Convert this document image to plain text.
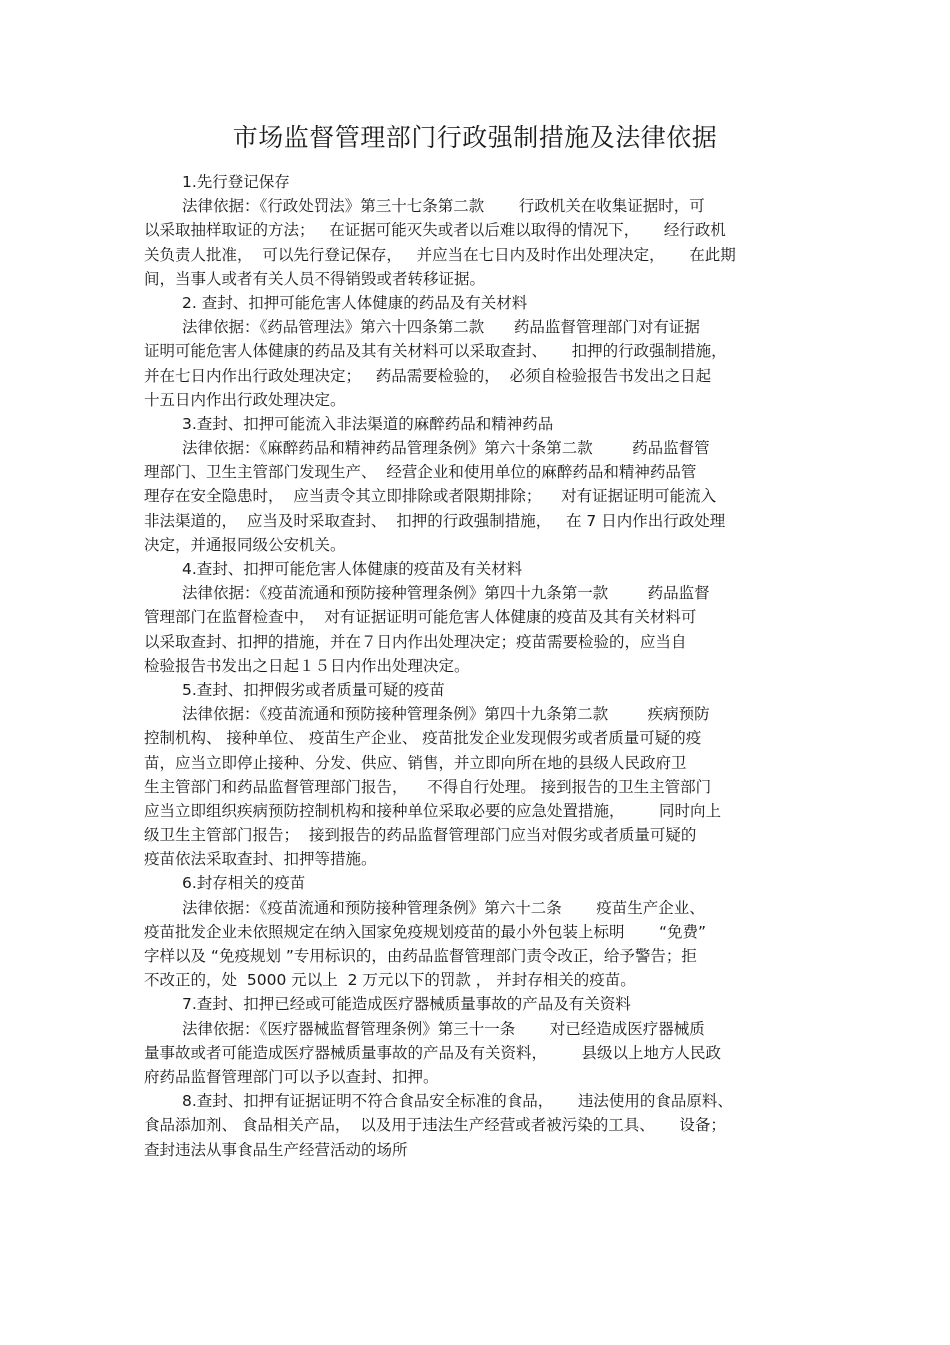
市场监督管理部门行政强制措施及法律依据
1.先行登记保存
法律依据：《行政处罚法》第三十七条第二款       行政机关在收集证据时，可
以采取抽样取证的方法；   在证据可能灭失或者以后难以取得的情况下，     经行政机
关负责人批准，  可以先行登记保存，   并应当在七日内及时作出处理决定，     在此期
间，当事人或者有关人员不得销毁或者转移证据。
2. 查封、扣押可能危害人体健康的药品及有关材料
法律依据：《药品管理法》第六十四条第二款      药品监督管理部门对有证据
证明可能危害人体健康的药品及其有关材料可以采取查封、     扣押的行政强制措施，
并在七日内作出行政处理决定；   药品需要检验的，  必须自检验报告书发出之日起
十五日内作出行政处理决定。
3.查封、扣押可能流入非法渠道的麻醉药品和精神药品
法律依据：《麻醉药品和精神药品管理条例》第六十条第二款        药品监督管
理部门、卫生主管部门发现生产、  经营企业和使用单位的麻醉药品和精神药品管
理存在安全隐患时，  应当责令其立即排除或者限期排除；    对有证据证明可能流入
非法渠道的，  应当及时采取查封、  扣押的行政强制措施，   在 7 日内作出行政处理
决定，并通报同级公安机关。
4.查封、扣押可能危害人体健康的疫苗及有关材料
法律依据：《疫苗流通和预防接种管理条例》第四十九条第一款        药品监督
管理部门在监督检查中，  对有证据证明可能危害人体健康的疫苗及其有关材料可
以采取查封、扣押的措施，并在７日内作出处理决定；疫苗需要检验的，应当自
检验报告书发出之日起１５日内作出处理决定。
5.查封、扣押假劣或者质量可疑的疫苗
法律依据：《疫苗流通和预防接种管理条例》第四十九条第二款        疾病预防
控制机构、 接种单位、 疫苗生产企业、 疫苗批发企业发现假劣或者质量可疑的疫
苗，应当立即停止接种、分发、供应、销售，并立即向所在地的县级人民政府卫
生主管部门和药品监督管理部门报告，    不得自行处理。 接到报告的卫生主管部门
应当立即组织疾病预防控制机构和接种单位采取必要的应急处置措施，       同时向上
级卫生主管部门报告；  接到报告的药品监督管理部门应当对假劣或者质量可疑的
疫苗依法采取查封、扣押等措施。
6.封存相关的疫苗
法律依据：《疫苗流通和预防接种管理条例》第六十二条       疫苗生产企业、
疫苗批发企业未依照规定在纳入国家免疫规划疫苗的最小外包装上标明       “免费”
字样以及 “免疫规划 ”专用标识的，由药品监督管理部门责令改正，给予警告；拒
不改正的，处  5000 元以上  2 万元以下的罚款 ， 并封存相关的疫苗。
7.查封、扣押已经或可能造成医疗器械质量事故的产品及有关资料
法律依据：《医疗器械监督管理条例》第三十一条       对已经造成医疗器械质
量事故或者可能造成医疗器械质量事故的产品及有关资料，       县级以上地方人民政
府药品监督管理部门可以予以查封、扣押。
8.查封、扣押有证据证明不符合食品安全标准的食品，     违法使用的食品原料、
食品添加剂、 食品相关产品，  以及用于违法生产经营或者被污染的工具、     设备；
查封违法从事食品生产经营活动的场所
